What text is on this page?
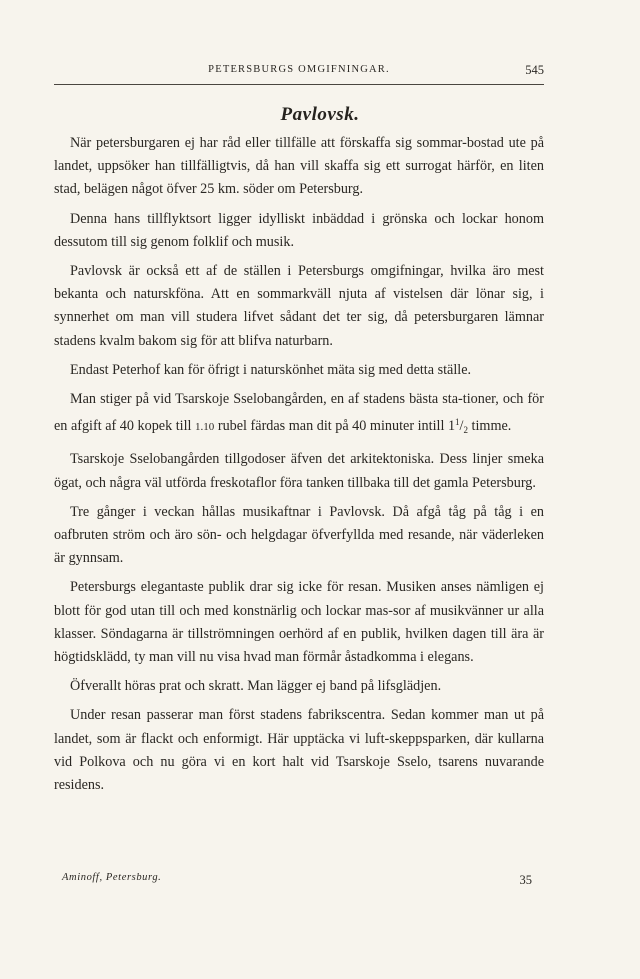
PETERSBURGS OMGIFNINGAR.	545
Pavlovsk.

När petersburgaren ej har råd eller tillfälle att förskaffa sig sommar-bostad ute på landet, uppsöker han tillfälligtvis, då han vill skaffa sig ett surrogat härför, en liten stad, belägen något öfver 25 km. söder om Petersburg.

Denna hans tillflyktsort ligger idylliskt inbäddad i grönska och lockar honom dessutom till sig genom folklif och musik.

Pavlovsk är också ett af de ställen i Petersburgs omgifningar, hvilka äro mest bekanta och naturskföna. Att en sommarkväll njuta af vistelsen där lönar sig, i synnerhet om man vill studera lifvet sådant det ter sig, då petersburgaren lämnar stadens kvalm bakom sig för att blifva naturbarn.

Endast Peterhof kan för öfrigt i naturskönhet mäta sig med detta ställe.

Man stiger på vid Tsarskoje Sselobangården, en af stadens bästa sta-tioner, och för en afgift af 40 kopek till 1.10 rubel färdas man dit på 40 minuter intill $1^1/_2$ timme.

Tsarskoje Sselobangården tillgodoser äfven det arkitektoniska. Dess linjer smeka ögat, och några väl utförda freskotaflor föra tanken tillbaka till det gamla Petersburg.

Tre gånger i veckan hållas musikaftnar i Pavlovsk. Då afgå tåg på tåg i en oafbruten ström och äro sön- och helgdagar öfverfyllda med resande, när väderleken är gynnsam.

Petersburgs elegantaste publik drar sig icke för resan. Musiken anses nämligen ej blott för god utan till och med konstnärlig och lockar mas-sor af musikvänner ur alla klasser. Söndagarna är tillströmningen oerhörd af en publik, hvilken dagen till ära är högtidsklädd, ty man vill nu visa hvad man förmår åstadkomma i elegans.

Öfverallt höras prat och skratt. Man lägger ej band på lifsglädjen.

Under resan passerar man först stadens fabrikscentra. Sedan kommer man ut på landet, som är flackt och enformigt. Här upptäcka vi luft-skeppsparken, där kullarna vid Polkova och nu göra vi en kort halt vid Tsarskoje Sselo, tsarens nuvarande residens.

Aminoff, Petersburg.	35
